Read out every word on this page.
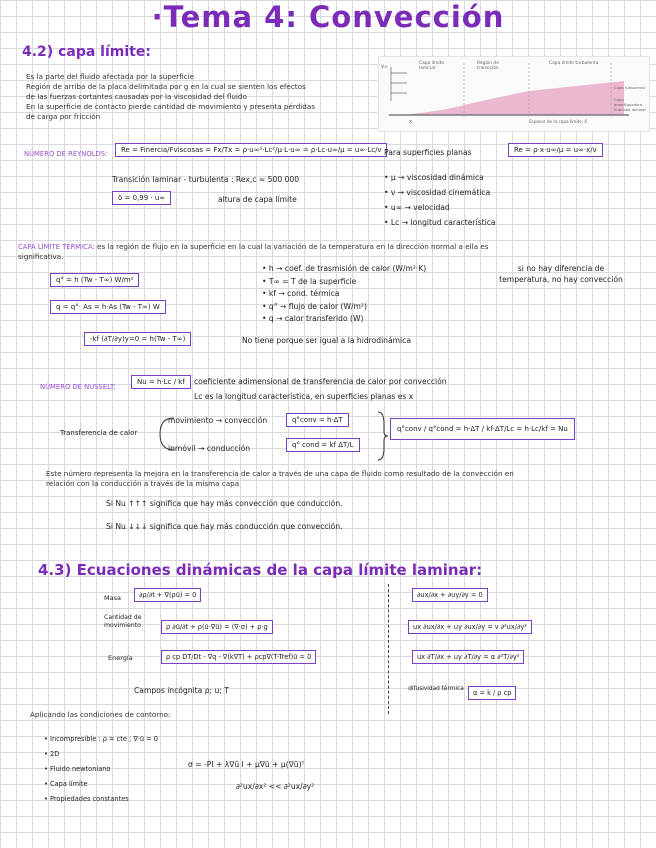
·Tema 4: Convección
4.2) capa límite:
Es la parte del fluido afectada por la superficie
Región de arriba de la placa delimitada por g en la cual se sienten los efectos
de las fuerzas cortantes causadas por la viscosidad del fluido
En la superficie de contacto pierde cantidad de movimiento y presenta pérdidas
de carga por fricción
Capa límite laminar
Región de transición
Capa límite turbulenta
Capa turbulenta
Capa amortiguadora
Subcapa laminar
Espesor de la capa límite, δ
V∞
x
NÚMERO DE REYNOLDS:	Re = Finercia/Fviscosas = Fx/Tx = ρ·u∞²·Lc²/μ·L·u∞ = ρ·Lc·u∞/μ = u∞·Lc/ν Para superficies planas	Re = ρ·x·u∞/μ = u∞·x/ν
Transición laminar - turbulenta : Rex,c ≈ 500 000
δ = 0,99 · u∞	altura de capa límite
• μ → viscosidad dinámica
• ν → viscosidad cinemática
• u∞ → velocidad
• Lc → longitud característica
CAPA LÍMITE TÉRMICA: es la región de flujo en la superficie en la cual la variación de la temperatura en la dirección normal a ella es
significativa.
q° = h (Tw - T∞) W/m²
q = q°· As = h·As (Tw - T∞) W
-kf (∂T/∂y)y=0 = h(Tw - T∞)
• h → coef. de trasmisión de calor (W/m²·K)
• T∞ = T de la superficie
• kf → cond. térmica
• q° → flujo de calor (W/m²)
• q → calor transferido (W)
si no hay diferencia de temperatura, no hay convección
No tiene porque ser igual a la hidrodinámica
NÚMERO DE NUSSELT:
Nu = h·Lc / kf	coeficiente adimensional de transferencia de calor por convección
Lc es la longitud característica, en superficies planas es x
Transferencia de calor
movimiento → convección
inmóvil → conducción
q°conv = h·ΔT
q° cond = kf ΔT/L
q°conv / q°cond = h·ΔT / kf·ΔT/Lc = h·Lc/kf = Nu
Este número representa la mejora en la transferencia de calor a través de una capa de fluido como resultado de la convección en
relación con la conducción a través de la misma capa
Si Nu ↑↑↑ significa que hay más convección que conducción.
Si Nu ↓↓↓ significa que hay más conducción que convección.
4.3) Ecuaciones dinámicas de la capa límite laminar:
Masa	∂ρ/∂t + ∇(ρū) = 0
Cantidad de movimiento	ρ ∂ū/∂t + ρ(ū·∇ū) = (∇·σ) + ρ·g
Energía	ρ cp DT/Dt - ∇q - ∇(k∇T) + ρcp∇(T-Tref)ū = 0
Campos incógnita ρ; u; T
∂ux/∂x + ∂uy/∂y = 0
ux ∂ux/∂x + uy ∂ux/∂y = ν ∂²ux/∂y²
ux ∂T/∂x + uy ∂T/∂y = α ∂²T/∂y²
difusividad térmica	α = k / ρ cp
Aplicando las condiciones de contorno:
• Incompresible : ρ = cte ; ∇·ū = 0
• 2D
• Fluido newtoniano
• Capa límite
• Propiedades constantes
σ = -PI + λ∇ū I + μ∇ū + μ(∇ū)ᵀ
∂²ux/∂x² << ∂²ux/∂y²
